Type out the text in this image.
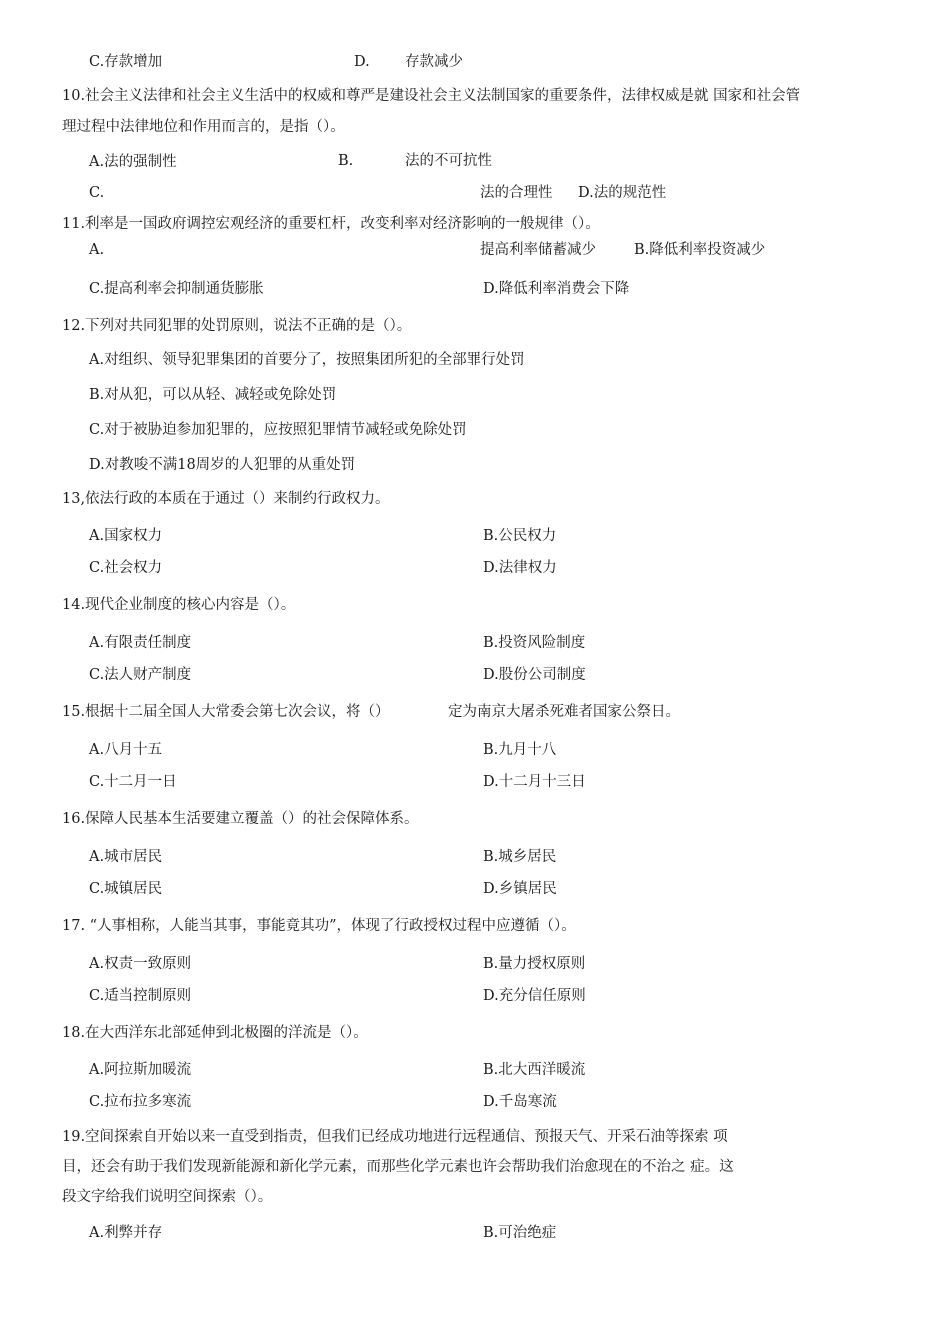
C.存款增加	D. 存款减少
10.社会主义法律和社会主义生活中的权威和尊严是建设社会主义法制国家的重要条件，法律权威是就 国家和社会管
理过程中法律地位和作用而言的，是指（）。
A.法的强制性	B.	法的不可抗性
C.	法的合理性 D.法的规范性
11.利率是一国政府调控宏观经济的重要杠杆，改变利率对经济影响的一般规律（）。
A.	提高利率储蓄减少	B.降低利率投资减少
C.提高利率会抑制通货膨胀	D.降低利率消费会下降
12.下列对共同犯罪的处罚原则，说法不正确的是（）。
A.对组织、领导犯罪集团的首要分了，按照集团所犯的全部罪行处罚
B.对从犯，可以从轻、减轻或免除处罚
C.对于被胁迫参加犯罪的，应按照犯罪情节减轻或免除处罚
D.对教唆不满18周岁的人犯罪的从重处罚
13,依法行政的本质在于通过（）来制约行政权力。
A.国家权力	B.公民权力
C.社会权力	D.法律权力
14.现代企业制度的核心内容是（）。
A.有限责任制度	B.投资风险制度
C.法人财产制度	D.股份公司制度
15.根据十二届全国人大常委会第七次会议，将（）	定为南京大屠杀死难者国家公祭日。
A.八月十五	B.九月十八
C.十二月一日	D.十二月十三日
16.保障人民基本生活要建立覆盖（）的社会保障体系。
A.城市居民	B.城乡居民
C.城镇居民	D.乡镇居民
17. “人事相称，人能当其事，事能竟其功”，体现了行政授权过程中应遵循（）。
A.权责一致原则	B.量力授权原则
C.适当控制原则	D.充分信任原则
18.在大西洋东北部延伸到北极圈的洋流是（）。
A.阿拉斯加暖流	B.北大西洋暖流
C.拉布拉多寒流	D.千岛寒流
19.空间探索自开始以来一直受到指责，但我们已经成功地进行远程通信、预报天气、开采石油等探索 项
目，还会有助于我们发现新能源和新化学元素，而那些化学元素也许会帮助我们治愈现在的不治之 症。这
段文字给我们说明空间探索（）。
A.利弊并存	B.可治绝症
